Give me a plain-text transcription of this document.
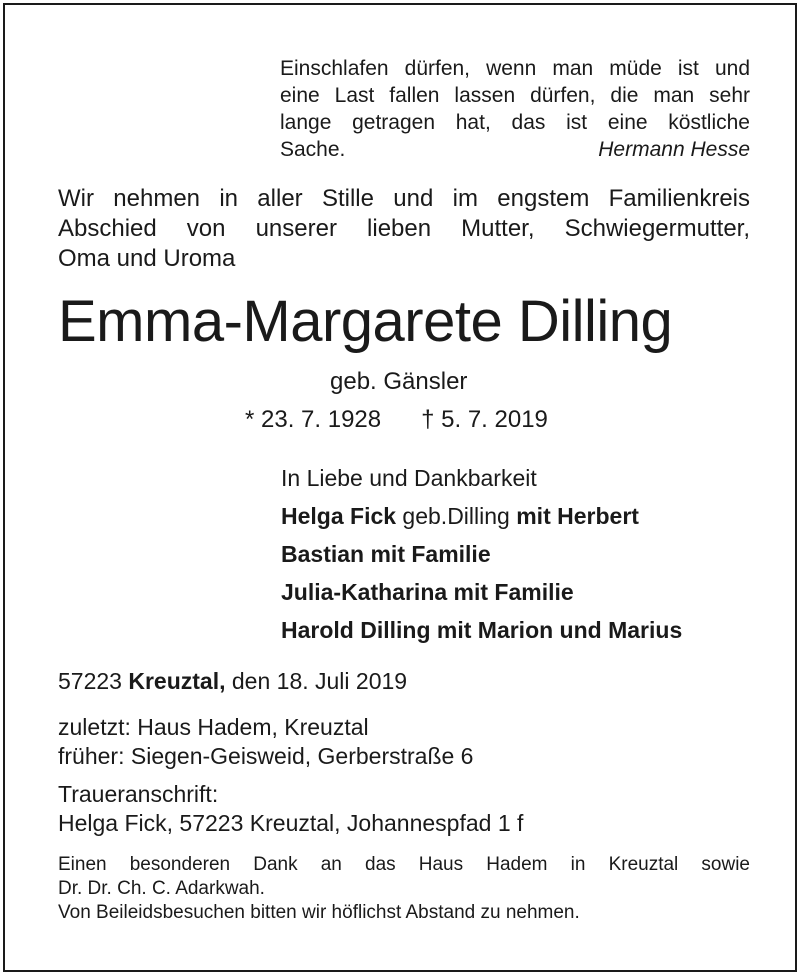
Einschlafen dürfen, wenn man müde ist und
eine Last fallen lassen dürfen, die man sehr
lange getragen hat, das ist eine köstliche
Sache.	Hermann Hesse
Wir nehmen in aller Stille und im engstem Familienkreis
Abschied von unserer lieben Mutter, Schwiegermutter,
Oma und Uroma
Emma-Margarete Dilling
geb. Gänsler
* 23. 7. 1928 † 5. 7. 2019
In Liebe und Dankbarkeit
Helga Fick geb.Dilling mit Herbert
Bastian mit Familie
Julia-Katharina mit Familie
Harold Dilling mit Marion und Marius
57223 Kreuztal, den 18. Juli 2019
zuletzt: Haus Hadem, Kreuztal
früher: Siegen-Geisweid, Gerberstraße 6
Traueranschrift:
Helga Fick, 57223 Kreuztal, Johannespfad 1 f
Einen besonderen Dank an das Haus Hadem in Kreuztal sowie
Dr. Dr. Ch. C. Adarkwah.
Von Beileidsbesuchen bitten wir höflichst Abstand zu nehmen.
